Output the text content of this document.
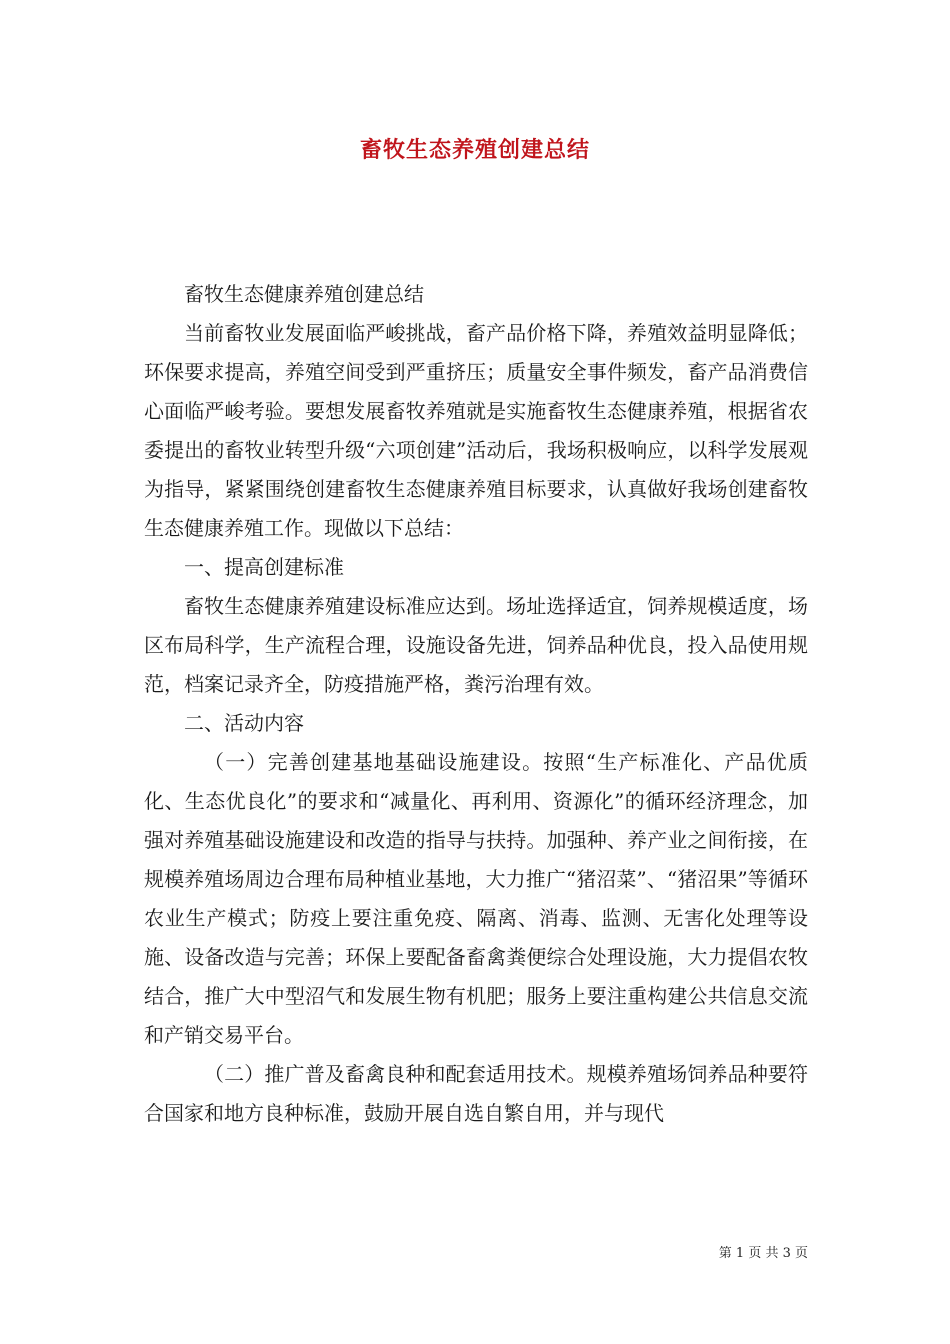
畜牧生态养殖创建总结

畜牧生态健康养殖创建总结

当前畜牧业发展面临严峻挑战，畜产品价格下降，养殖效益明显降低；环保要求提高，养殖空间受到严重挤压；质量安全事件频发，畜产品消费信心面临严峻考验。要想发展畜牧养殖就是实施畜牧生态健康养殖，根据省农委提出的畜牧业转型升级“六项创建”活动后，我场积极响应，以科学发展观为指导，紧紧围绕创建畜牧生态健康养殖目标要求，认真做好我场创建畜牧生态健康养殖工作。现做以下总结：

一、提高创建标准

畜牧生态健康养殖建设标准应达到。场址选择适宜，饲养规模适度，场区布局科学，生产流程合理，设施设备先进，饲养品种优良，投入品使用规范，档案记录齐全，防疫措施严格，粪污治理有效。

二、活动内容

（一）完善创建基地基础设施建设。按照“生产标准化、产品优质化、生态优良化”的要求和“减量化、再利用、资源化”的循环经济理念，加强对养殖基础设施建设和改造的指导与扶持。加强种、养产业之间衔接，在规模养殖场周边合理布局种植业基地，大力推广“猪沼菜”、“猪沼果”等循环农业生产模式；防疫上要注重免疫、隔离、消毒、监测、无害化处理等设施、设备改造与完善；环保上要配备畜禽粪便综合处理设施，大力提倡农牧结合，推广大中型沼气和发展生物有机肥；服务上要注重构建公共信息交流和产销交易平台。

（二）推广普及畜禽良种和配套适用技术。规模养殖场饲养品种要符合国家和地方良种标准，鼓励开展自选自繁自用，并与现代

第 1 页 共 3 页
